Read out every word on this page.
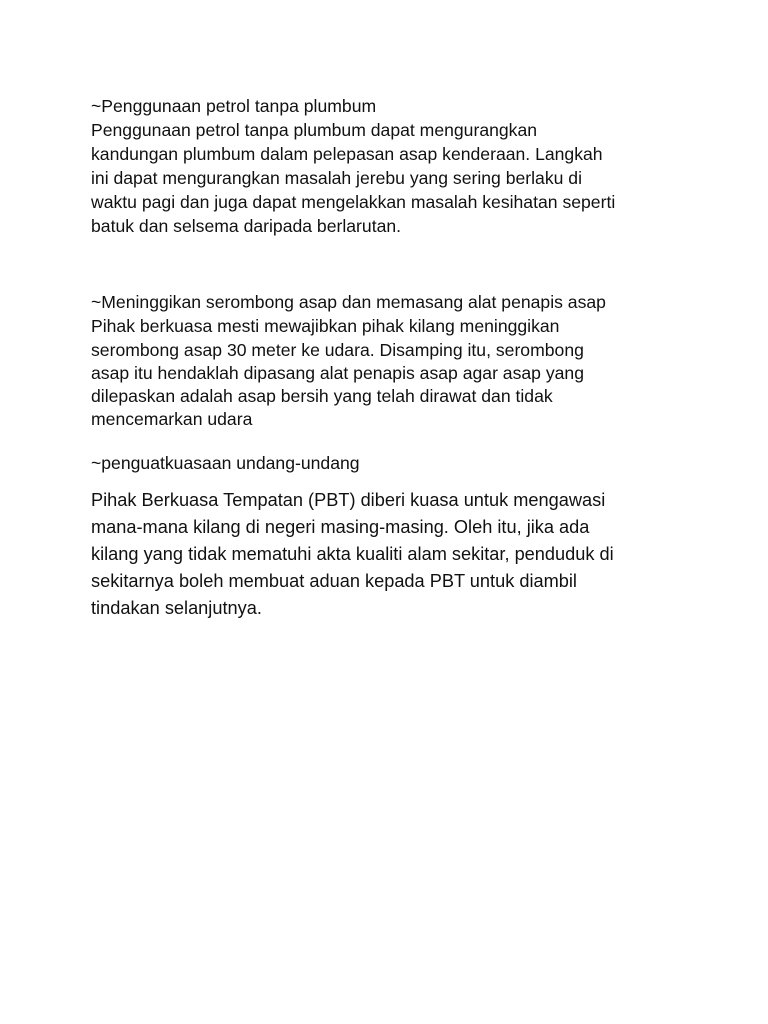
~Penggunaan petrol tanpa plumbum
Penggunaan petrol tanpa plumbum dapat mengurangkan
kandungan plumbum dalam pelepasan asap kenderaan. Langkah
ini dapat mengurangkan masalah jerebu yang sering berlaku di
waktu pagi dan juga dapat mengelakkan masalah kesihatan seperti
batuk dan selsema daripada berlarutan.
~Meninggikan serombong asap dan memasang alat penapis asap
Pihak berkuasa mesti mewajibkan pihak kilang meninggikan
serombong asap 30 meter ke udara. Disamping itu, serombong
asap itu hendaklah dipasang alat penapis asap agar asap yang
dilepaskan adalah asap bersih yang telah dirawat dan tidak
mencemarkan udara
~penguatkuasaan undang-undang
Pihak Berkuasa Tempatan (PBT) diberi kuasa untuk mengawasi
mana-mana kilang di negeri masing-masing. Oleh itu, jika ada
kilang yang tidak mematuhi akta kualiti alam sekitar, penduduk di
sekitarnya boleh membuat aduan kepada PBT untuk diambil
tindakan selanjutnya.
